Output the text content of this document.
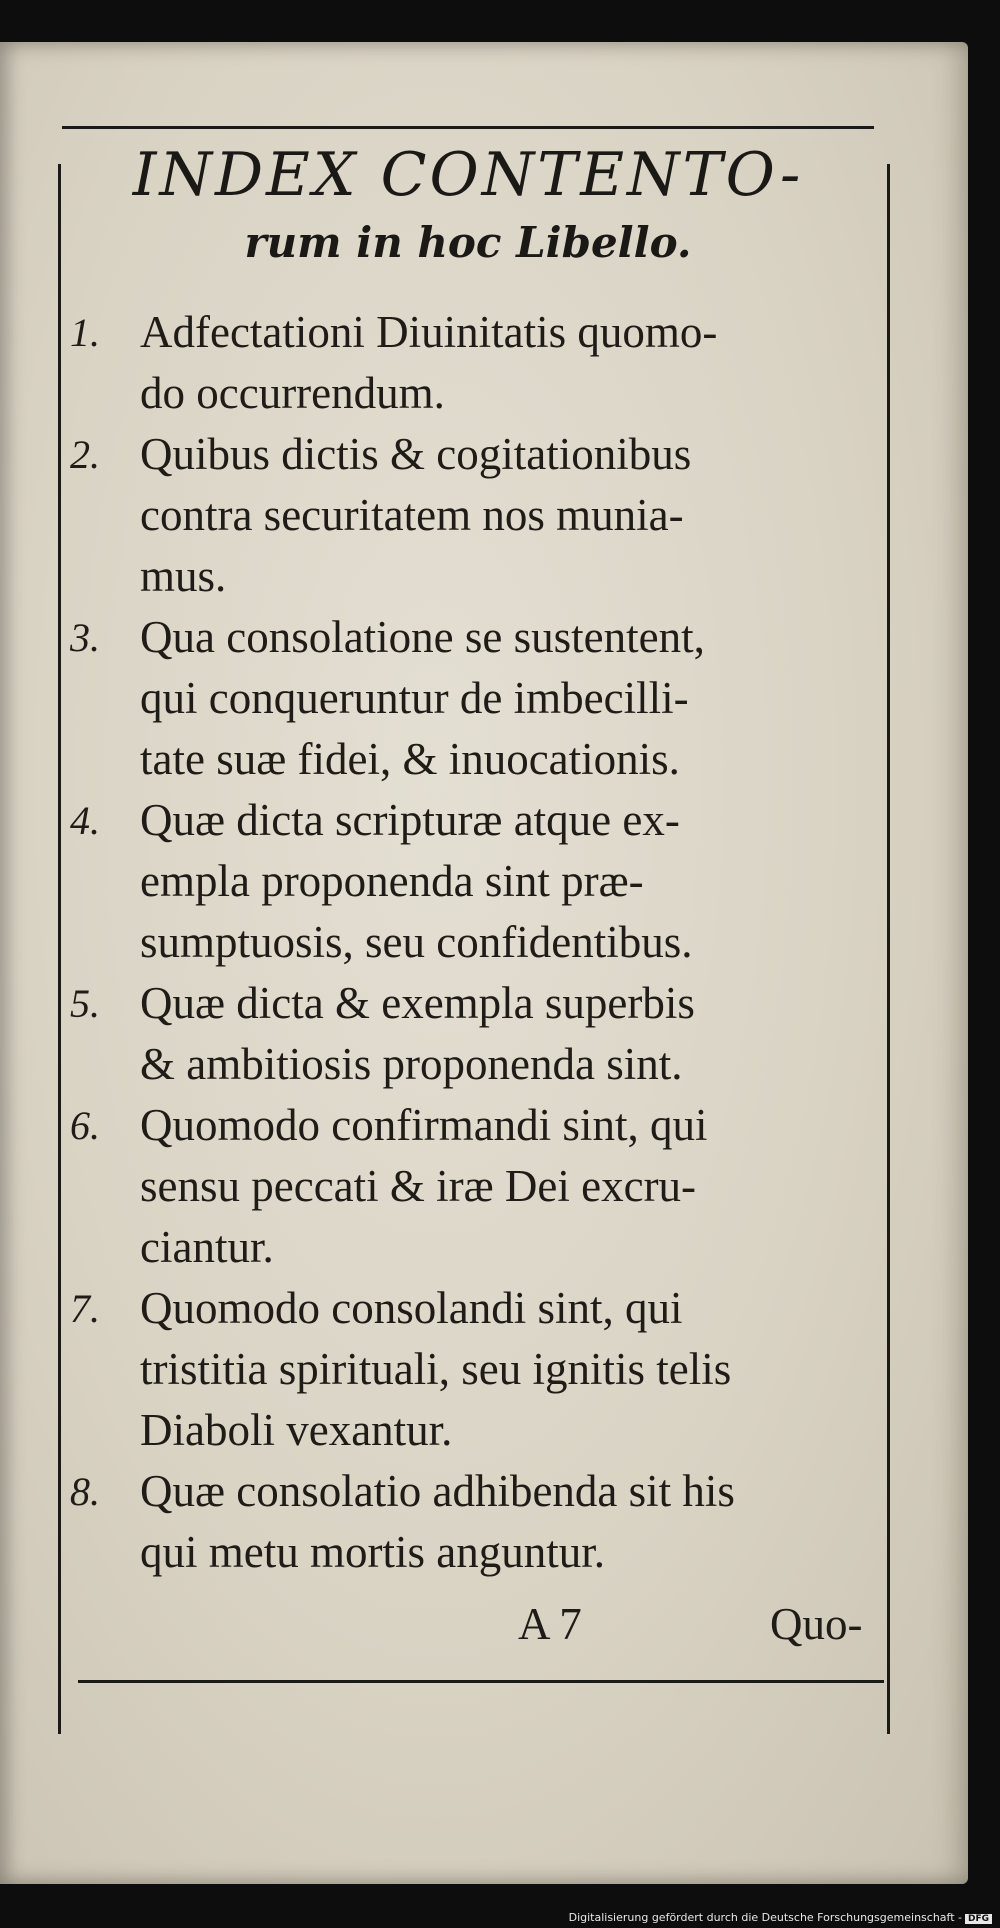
INDEX CONTENTO-
rum in hoc Libello.
1. Adfectationi Diuinitatis quomo-
do occurrendum.
2. Quibus dictis & cogitationibus
contra securitatem nos munia-
mus.
3. Qua consolatione se sustentent,
qui conqueruntur de imbecilli-
tate suæ fidei, & inuocationis.
4. Quæ dicta scripturæ atque ex-
empla proponenda sint præ-
sumptuosis, seu confidentibus.
5. Quæ dicta & exempla superbis
& ambitiosis proponenda sint.
6. Quomodo confirmandi sint, qui
sensu peccati & iræ Dei excru-
ciantur.
7. Quomodo consolandi sint, qui
tristitia spirituali, seu ignitis telis
Diaboli vexantur.
8. Quæ consolatio adhibenda sit his
qui metu mortis anguntur.
A 7	Quo-
Digitalisierung gefördert durch die Deutsche Forschungsgemeinschaft - DFG
